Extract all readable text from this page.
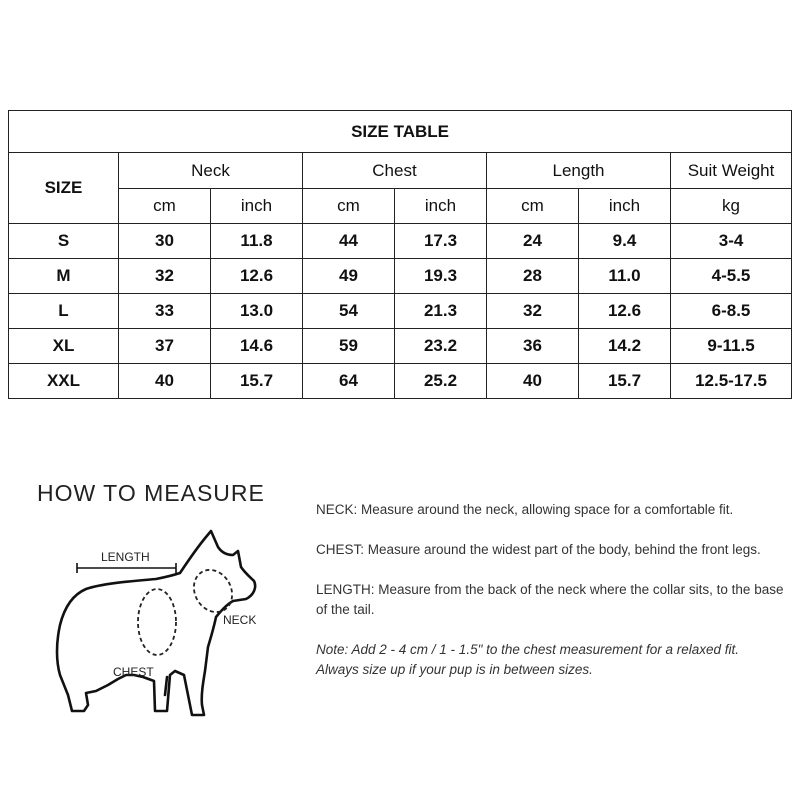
SIZE TABLE							
SIZE	Neck		Chest		Length		Suit Weight
	cm	inch	cm	inch	cm	inch	kg
S	30	11.8	44	17.3	24	9.4	3-4
M	32	12.6	49	19.3	28	11.0	4-5.5
L	33	13.0	54	21.3	32	12.6	6-8.5
XL	37	14.6	59	23.2	36	14.2	9-11.5
XXL	40	15.7	64	25.2	40	15.7	12.5-17.5
HOW TO MEASURE
LENGTH
NECK
CHEST

NECK: Measure around the neck, allowing space for a comfortable fit.

CHEST: Measure around the widest part of the body, behind the front legs.

LENGTH: Measure from the back of the neck where the collar sits, to the base of the tail.

Note: Add 2 - 4 cm / 1 - 1.5" to the chest measurement for a relaxed fit.

Always size up if your pup is in between sizes.
